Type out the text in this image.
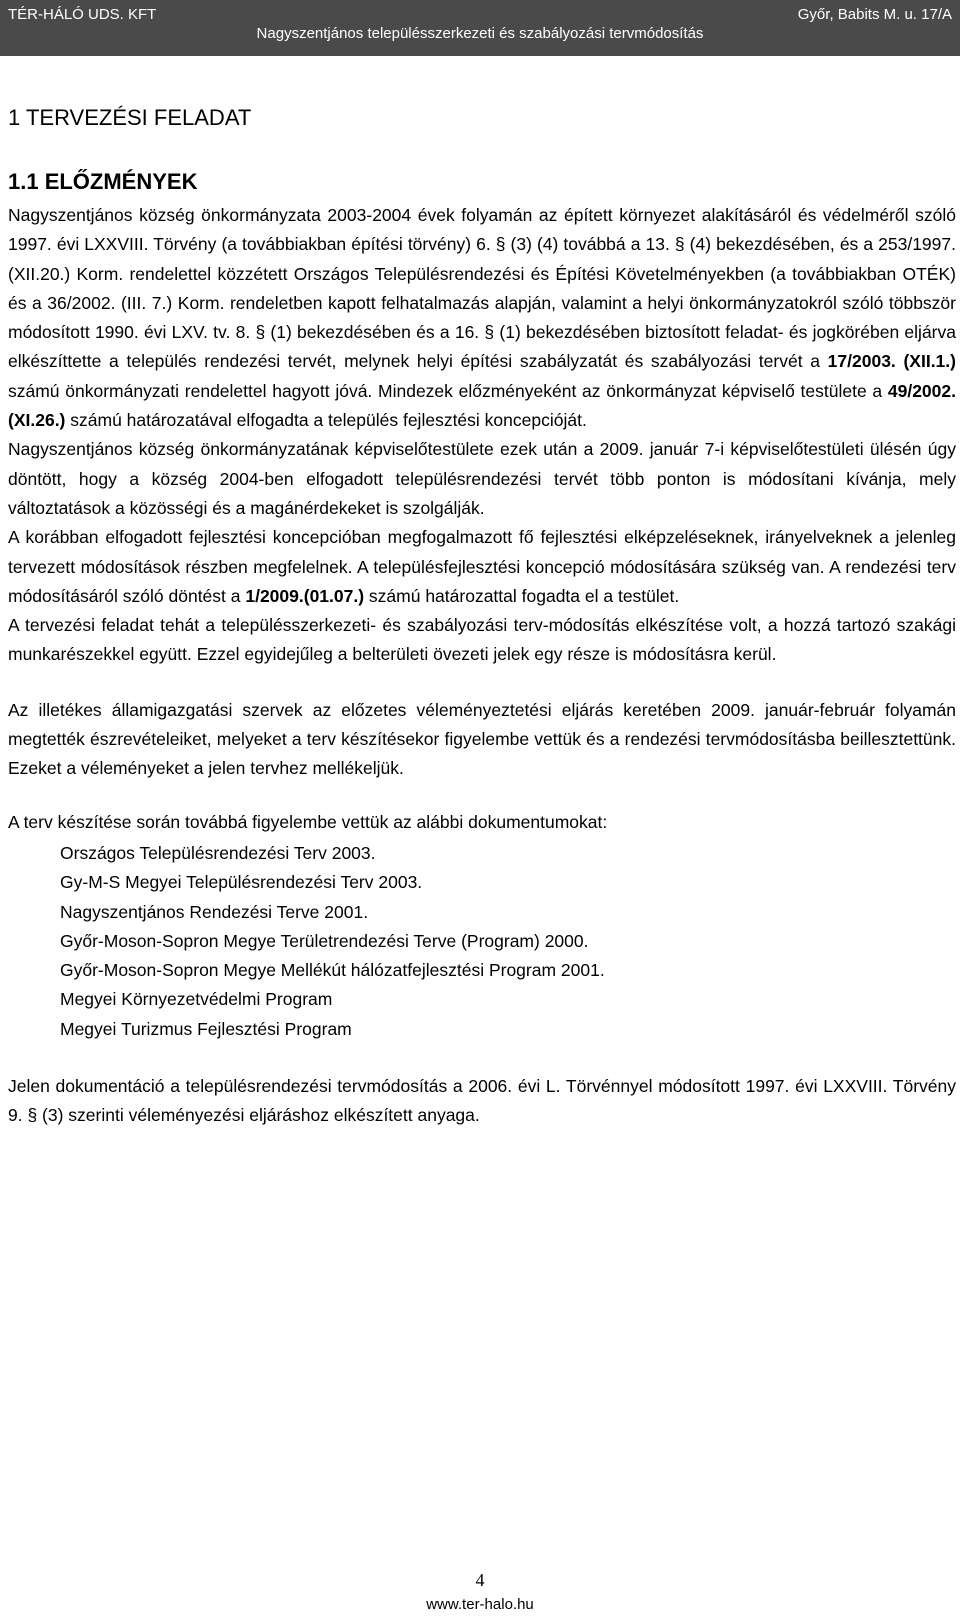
TÉR-HÁLÓ UDS. KFT	Győr, Babits M. u. 17/A
Nagyszentjános településszerkezeti és szabályozási tervmódosítás
1 TERVEZÉSI FELADAT
1.1 ELŐZMÉNYEK

Nagyszentjános község önkormányzata 2003-2004 évek folyamán az épített környezet alakításáról és védelméről szóló 1997. évi LXXVIII. Törvény (a továbbiakban építési törvény) 6. § (3) (4) továbbá a 13. § (4) bekezdésében, és a 253/1997. (XII.20.) Korm. rendelettel közzétett Országos Településrendezési és Építési Követelményekben (a továbbiakban OTÉK) és a 36/2002. (III. 7.) Korm. rendeletben kapott felhatalmazás alapján, valamint a helyi önkormányzatokról szóló többször módosított 1990. évi LXV. tv. 8. § (1) bekezdésében és a 16. § (1) bekezdésében biztosított feladat- és jogkörében eljárva elkészíttette a település rendezési tervét, melynek helyi építési szabályzatát és szabályozási tervét a 17/2003. (XII.1.) számú önkormányzati rendelettel hagyott jóvá. Mindezek előzményeként az önkormányzat képviselő testülete a 49/2002. (XI.26.) számú határozatával elfogadta a település fejlesztési koncepcióját.

Nagyszentjános község önkormányzatának képviselőtestülete ezek után a 2009. január 7-i képviselőtestületi ülésén úgy döntött, hogy a község 2004-ben elfogadott településrendezési tervét több ponton is módosítani kívánja, mely változtatások a közösségi és a magánérdekeket is szolgálják.

A korábban elfogadott fejlesztési koncepcióban megfogalmazott fő fejlesztési elképzeléseknek, irányelveknek a jelenleg tervezett módosítások részben megfelelnek. A településfejlesztési koncepció módosítására szükség van. A rendezési terv módosításáról szóló döntést a 1/2009.(01.07.) számú határozattal fogadta el a testület.

A tervezési feladat tehát a településszerkezeti- és szabályozási terv-módosítás elkészítése volt, a hozzá tartozó szakági munkarészekkel együtt. Ezzel egyidejűleg a belterületi övezeti jelek egy része is módosításra kerül.

Az illetékes államigazgatási szervek az előzetes véleményeztetési eljárás keretében 2009. január-február folyamán megtették észrevételeiket, melyeket a terv készítésekor figyelembe vettük és a rendezési tervmódosításba beillesztettünk. Ezeket a véleményeket a jelen tervhez mellékeljük.

A terv készítése során továbbá figyelembe vettük az alábbi dokumentumokat:

Országos Településrendezési Terv 2003.
Gy-M-S Megyei Településrendezési Terv 2003.
Nagyszentjános Rendezési Terve 2001.
Győr-Moson-Sopron Megye Területrendezési Terve (Program) 2000.
Győr-Moson-Sopron Megye Mellékút hálózatfejlesztési Program 2001.
Megyei Környezetvédelmi Program
Megyei Turizmus Fejlesztési Program

Jelen dokumentáció a településrendezési tervmódosítás a 2006. évi L. Törvénnyel módosított 1997. évi LXXVIII. Törvény 9. § (3) szerinti véleményezési eljáráshoz elkészített anyaga.

4
www.ter-halo.hu
